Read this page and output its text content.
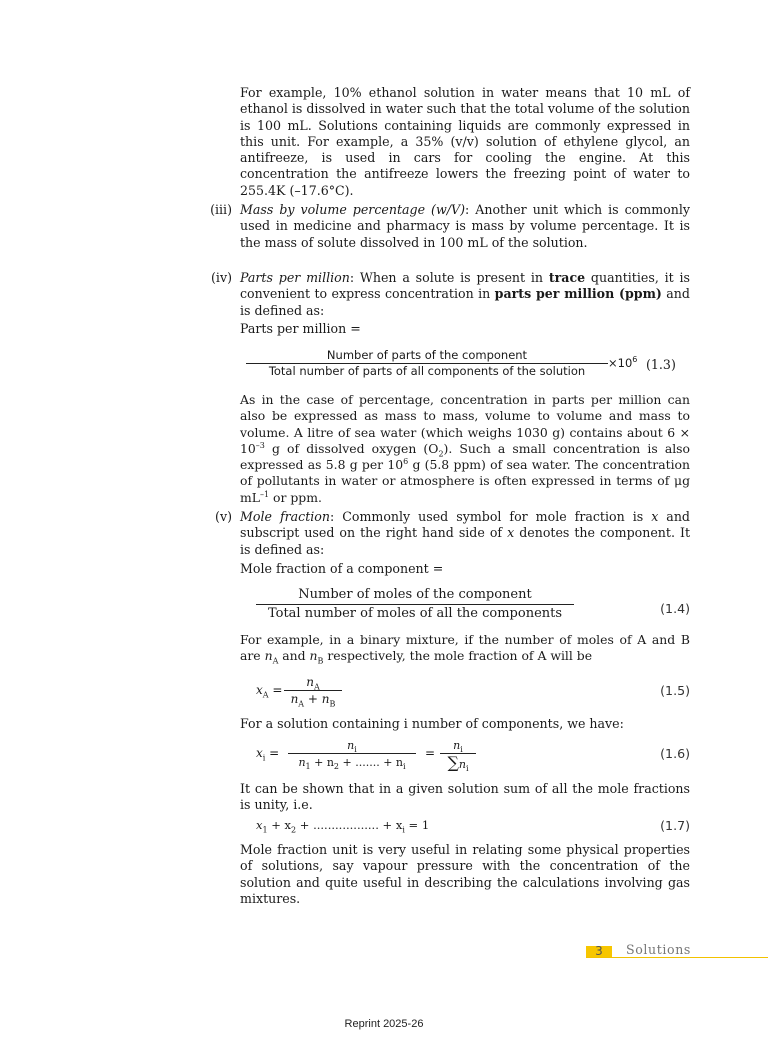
For example, 10% ethanol solution in water means that 10 mL of ethanol is dissolved in water such that the total volume of the solution is 100 mL. Solutions containing liquids are commonly expressed in this unit. For example, a 35% (v/v) solution of ethylene glycol, an antifreeze, is used in cars for cooling the engine. At this concentration the antifreeze lowers the freezing point of water to 255.4K (–17.6°C).

(iii) Mass by volume percentage (w/V): Another unit which is commonly used in medicine and pharmacy is mass by volume percentage. It is the mass of solute dissolved in 100 mL of the solution.

(iv) Parts per million: When a solute is present in trace quantities, it is convenient to express concentration in parts per million (ppm) and is defined as:

Parts per million =

Number of parts of the component
Total number of parts of all components of the solution
$\times 10^6$ (1.3)

As in the case of percentage, concentration in parts per million can also be expressed as mass to mass, volume to volume and mass to volume. A litre of sea water (which weighs 1030 g) contains about $6 \times 10^{-3}$ g of dissolved oxygen $(O_2)$. Such a small concentration is also expressed as 5.8 g per $10^6$ g (5.8 ppm) of sea water. The concentration of pollutants in water or atmosphere is often expressed in terms of μg $mL^{-1}$ or ppm.

(v) Mole fraction: Commonly used symbol for mole fraction is x and subscript used on the right hand side of x denotes the component. It is defined as:

Mole fraction of a component =

Number of moles of the component
Total number of moles of all the components	(1.4)

For example, in a binary mixture, if the number of moles of A and B are $n_A$ and $n_B$ respectively, the mole fraction of A will be

$x_A$ =
$n_A$
$n_A + n_B$
(1.5)

For a solution containing i number of components, we have:

$x_i$ =
$n_i$
$n_1 + n_2$ + ....... + $n_i$
=
$n_i$
$\sum n_i$
(1.6)

It can be shown that in a given solution sum of all the mole fractions is unity, i.e.

$x_1 + x_2$ + .................. + $x_i = 1$	(1.7)

Mole fraction unit is very useful in relating some physical properties of solutions, say vapour pressure with the concentration of the solution and quite useful in describing the calculations involving gas mixtures.

3	Solutions
Reprint 2025-26
